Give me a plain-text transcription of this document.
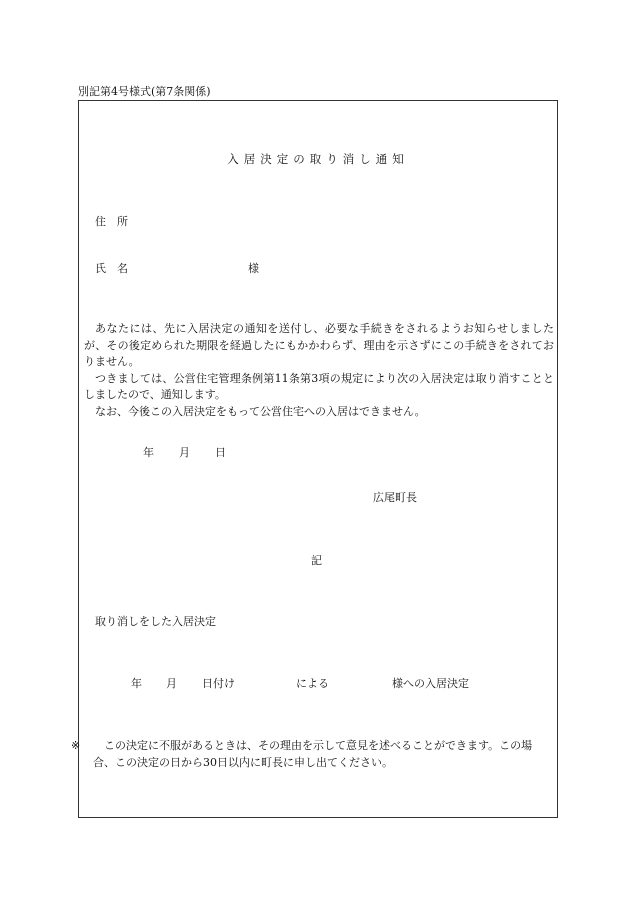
別記第4号様式(第7条関係)
入居決定の取り消し通知
住　所
氏　名	様

あなたには、先に入居決定の通知を送付し、必要な手続きをされるようお知らせしましたが、その後定められた期限を経過したにもかかわらず、理由を示さずにこの手続きをされておりません。

つきましては、公営住宅管理条例第11条第3項の規定により次の入居決定は取り消すこととしましたので、通知します。

なお、今後この入居決定をもって公営住宅への入居はできません。

年 月 日
広尾町長
記
取り消しをした入居決定
年 月 日付け	による	様への入居決定

※ この決定に不服があるときは、その理由を示して意見を述べることができます。この場合、この決定の日から30日以内に町長に申し出てください。
